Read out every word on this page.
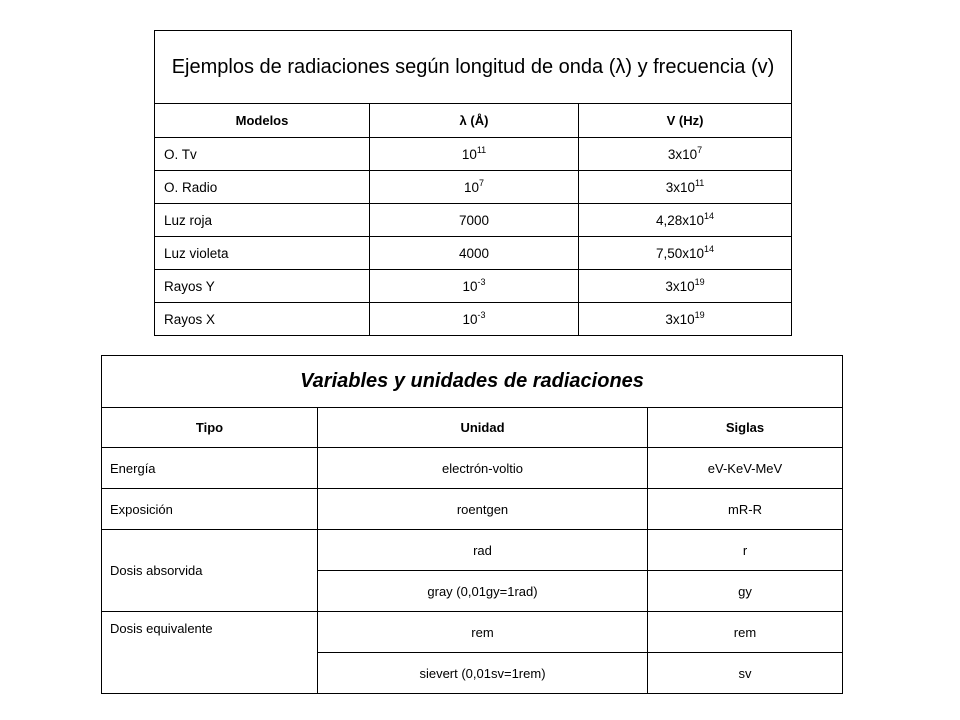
Ejemplos de radiaciones según longitud de onda (λ) y frecuencia (v)		
Modelos	λ (Å)	V (Hz)
O. Tv	$10^{11}$	$3x10^7$
O. Radio	$10^7$	$3x10^{11}$
Luz roja	7000	$4,28x10^{14}$
Luz violeta	4000	$7,50x10^{14}$
Rayos Y	$10^{-3}$	$3x10^{19}$
Rayos X	$10^{-3}$	$3x10^{19}$
Variables y unidades de radiaciones		
Tipo	Unidad	Siglas
Energía	electrón-voltio	eV-KeV-MeV
Exposición	roentgen	mR-R
Dosis absorvida	rad	r
	gray (0,01gy=1rad)	gy
Dosis equivalente	rem	rem
	sievert (0,01sv=1rem)	sv
